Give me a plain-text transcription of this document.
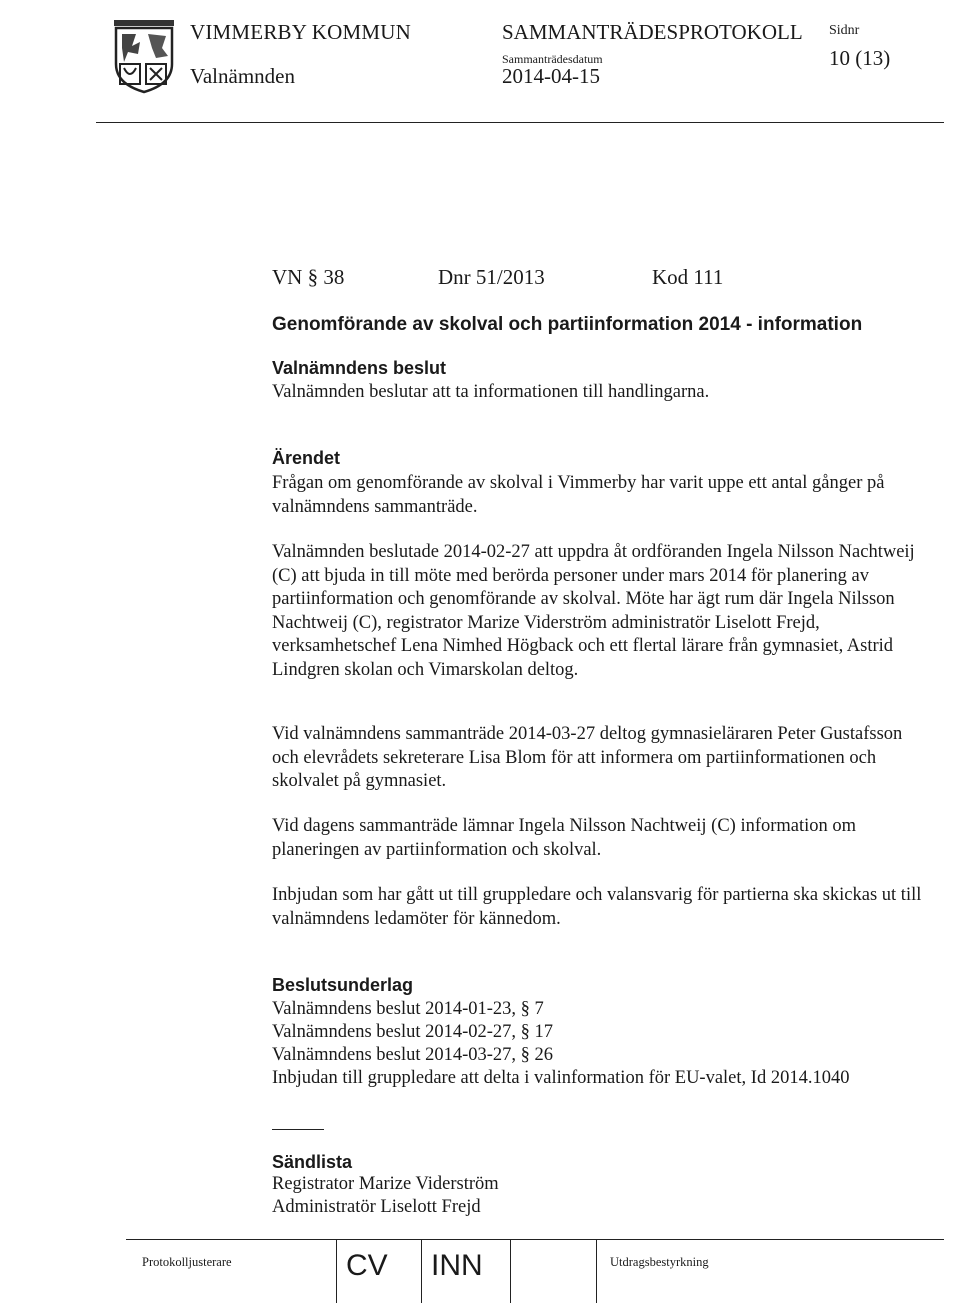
VIMMERBY KOMMUN	SAMMANTRÄDESPROTOKOLL Sidnr
Valnämnden
Sammanträdesdatum
2014-04-15
10 (13)
VN § 38	Dnr 51/2013	Kod 111
Genomförande av skolval och partiinformation 2014 - information
Valnämndens beslut
Valnämnden beslutar att ta informationen till handlingarna.
Ärendet
Frågan om genomförande av skolval i Vimmerby har varit uppe ett antal gånger på valnämndens sammanträde.
Valnämnden beslutade 2014-02-27 att uppdra åt ordföranden Ingela Nilsson Nachtweij (C) att bjuda in till möte med berörda personer under mars 2014 för planering av partiinformation och genomförande av skolval. Möte har ägt rum där Ingela Nilsson Nachtweij (C), registrator Marize Viderström administratör Liselott Frejd, verksamhetschef Lena Nimhed Högback och ett flertal lärare från gymnasiet, Astrid Lindgren skolan och Vimarskolan deltog.
Vid valnämndens sammanträde 2014-03-27 deltog gymnasieläraren Peter Gustafsson och elevrådets sekreterare Lisa Blom för att informera om partiinformationen och skolvalet på gymnasiet.
Vid dagens sammanträde lämnar Ingela Nilsson Nachtweij (C) information om planeringen av partiinformation och skolval.
Inbjudan som har gått ut till gruppledare och valansvarig för partierna ska skickas ut till valnämndens ledamöter för kännedom.
Beslutsunderlag
Valnämndens beslut 2014-01-23, § 7
Valnämndens beslut 2014-02-27, § 17
Valnämndens beslut 2014-03-27, § 26
Inbjudan till gruppledare att delta i valinformation för EU-valet, Id 2014.1040
Sändlista
Registrator Marize Viderström
Administratör Liselott Frejd
Protokolljusterare	CV INN	Utdragsbestyrkning
